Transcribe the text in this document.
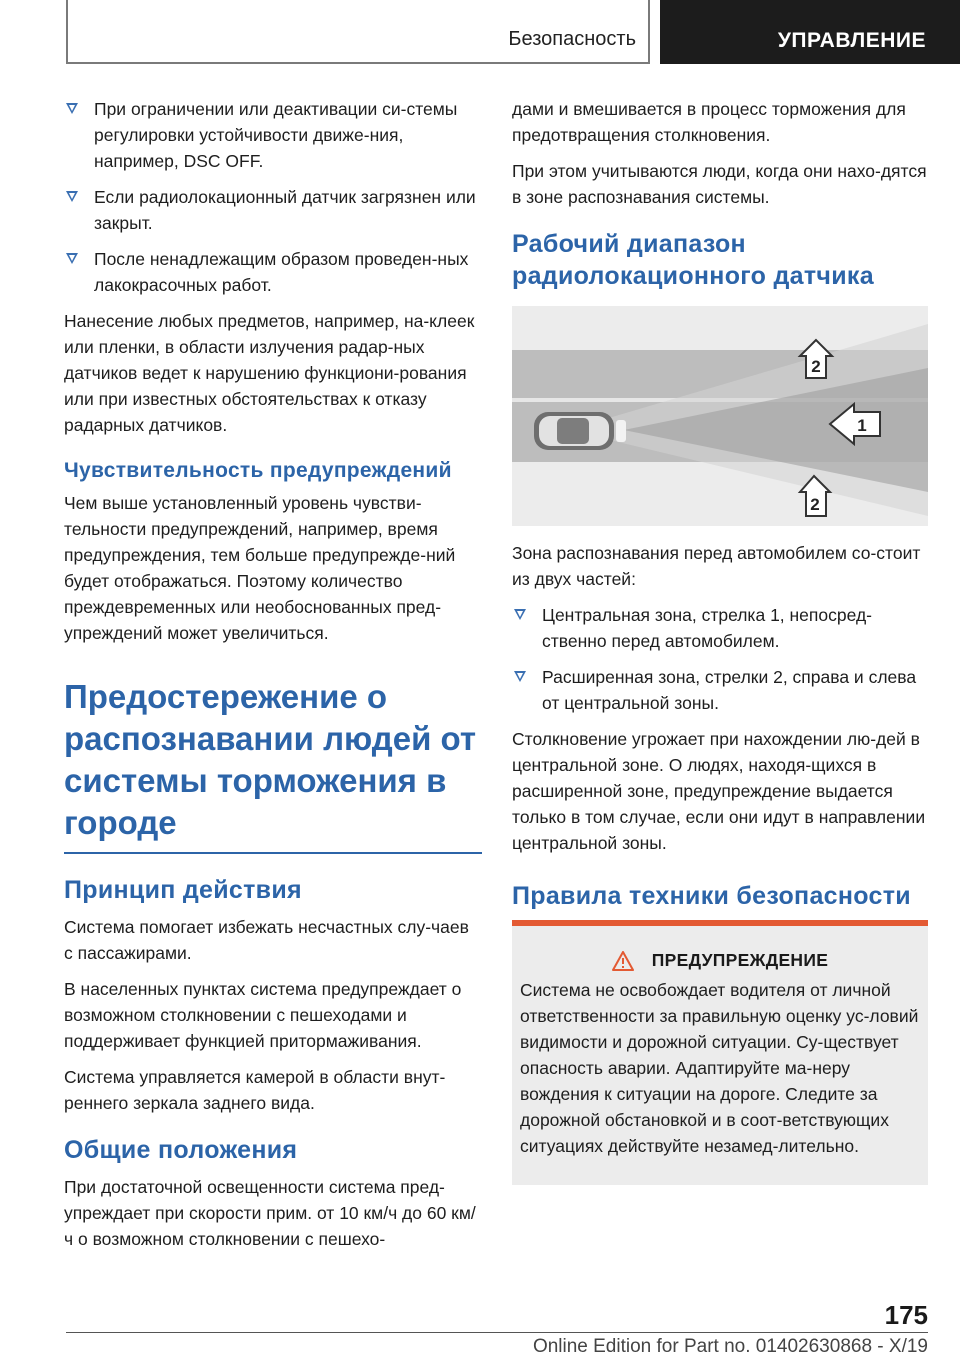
Безопасность	УПРАВЛЕНИЕ
При ограничении или деактивации си-стемы регулировки устойчивости движе-ния, например, DSC OFF.
Если радиолокационный датчик загрязнен или закрыт.
После ненадлежащим образом проведен-ных лакокрасочных работ.

Нанесение любых предметов, например, на-клеек или пленки, в области излучения радар-ных датчиков ведет к нарушению функциони-рования или при известных обстоятельствах к отказу радарных датчиков.

Чувствительность предупреждений

Чем выше установленный уровень чувстви-тельности предупреждений, например, время предупреждения, тем больше предупрежде-ний будет отображаться. Поэтому количество преждевременных или необоснованных пред-упреждений может увеличиться.

Предостережение о распознавании людей от системы торможения в городе
Принцип действия

Система помогает избежать несчастных слу-чаев с пассажирами.

В населенных пунктах система предупреждает о возможном столкновении с пешеходами и поддерживает функцией притормаживания.

Система управляется камерой в области внут-реннего зеркала заднего вида.

Общие положения

При достаточной освещенности система пред-упреждает при скорости прим. от 10 км/ч до 60 км/ч о возможном столкновении с пешехо-

дами и вмешивается в процесс торможения для предотвращения столкновения.

При этом учитываются люди, когда они нахо-дятся в зоне распознавания системы.

Рабочий диапазон радиолокационного датчика
2
1
2

Зона распознавания перед автомобилем со-стоит из двух частей:

Центральная зона, стрелка 1, непосред-ственно перед автомобилем.
Расширенная зона, стрелки 2, справа и слева от центральной зоны.

Столкновение угрожает при нахождении лю-дей в центральной зоне. О людях, находя-щихся в расширенной зоне, предупреждение выдается только в том случае, если они идут в направлении центральной зоны.

Правила техники безопасности
ПРЕДУПРЕЖДЕНИЕ

Система не освобождает водителя от личной ответственности за правильную оценку ус-ловий видимости и дорожной ситуации. Су-ществует опасность аварии. Адаптируйте ма-неру вождения к ситуации на дороге. Следите за дорожной обстановкой и в соот-ветствующих ситуациях действуйте незамед-лительно.

175
Online Edition for Part no. 01402630868 - X/19
